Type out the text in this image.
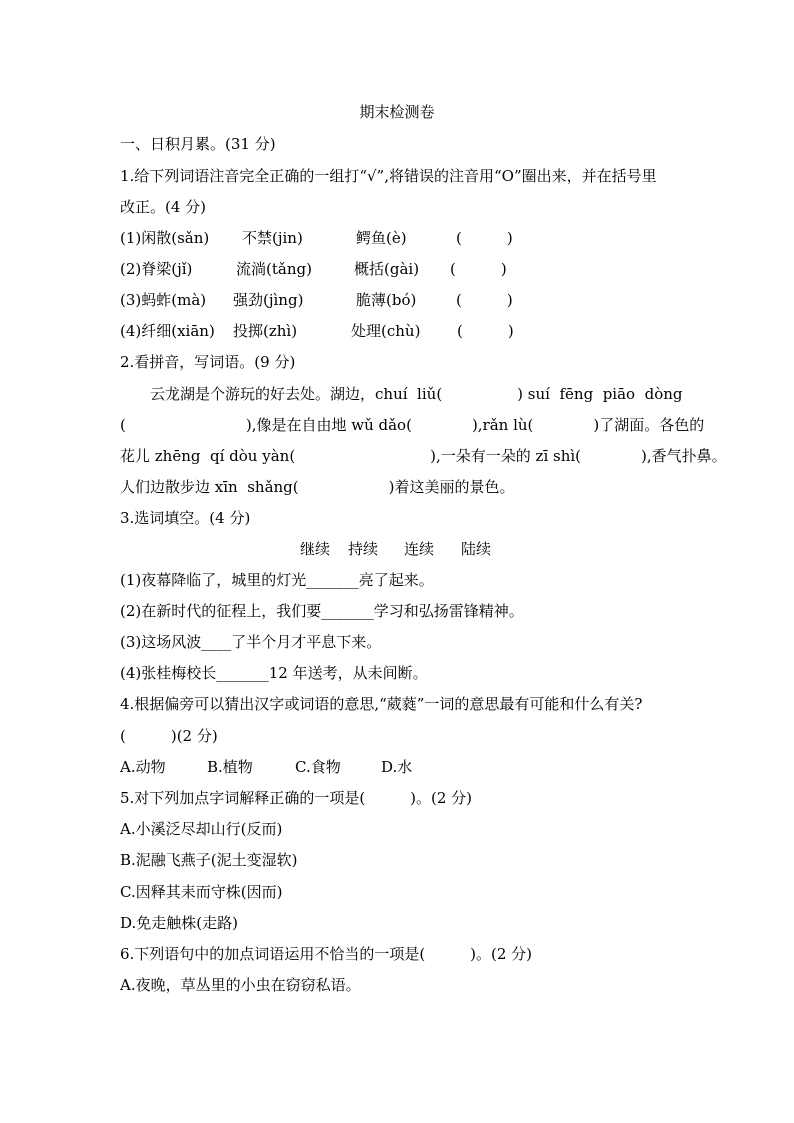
期末检测卷
一、日积月累。(31 分)
1.给下列词语注音完全正确的一组打“√”,将错误的注音用“O”圈出来，并在括号里
改正。(4 分)
(1)闲散(sǎn) 不禁(jin)	鳄鱼(è)	(　　　)
(2)脊梁(jǐ)	流淌(tǎng)	概括(gài) (　　　)
(3)蚂蚱(mà) 强劲(jìng)	脆薄(bó)	(　　　)
(4)纤细(xiān) 投掷(zhì)	处理(chù) (　　　)
2.看拼音，写词语。(9 分)
云龙湖是个游玩的好去处。湖边，chuí  liǔ(　　　　　) suí  fēng  piāo  dòng
(　　　　　　　　),像是在自由地 wǔ dǎo(　　　　),rǎn lù(　　　　)了湖面。各色的
花儿 zhēng  qí dòu yàn(　　　　　　　　　),一朵有一朵的 zī shì(　　　　),香气扑鼻。
人们边散步边 xīn  shǎng(　　　　　　)着这美丽的景色。
3.选词填空。(4 分)
继续 持续 连续 陆续
(1)夜幕降临了，城里的灯光_______亮了起来。
(2)在新时代的征程上，我们要_______学习和弘扬雷锋精神。
(3)这场风波____了半个月才平息下来。
(4)张桂梅校长_______12 年送考，从未间断。
4.根据偏旁可以猜出汉字或词语的意思,“葳蕤”一词的意思最有可能和什么有关?
(　　　)(2 分)
A.动物	B.植物	C.食物	D.水
5.对下列加点字词解释正确的一项是(　　　)。(2 分)
A.小溪泛尽却山行(反而)
B.泥融飞燕子(泥土变湿软)
C.因释其耒而守株(因而)
D.免走触株(走路)
6.下列语句中的加点词语运用不恰当的一项是(　　　)。(2 分)
A.夜晚，草丛里的小虫在窃窃私语。
